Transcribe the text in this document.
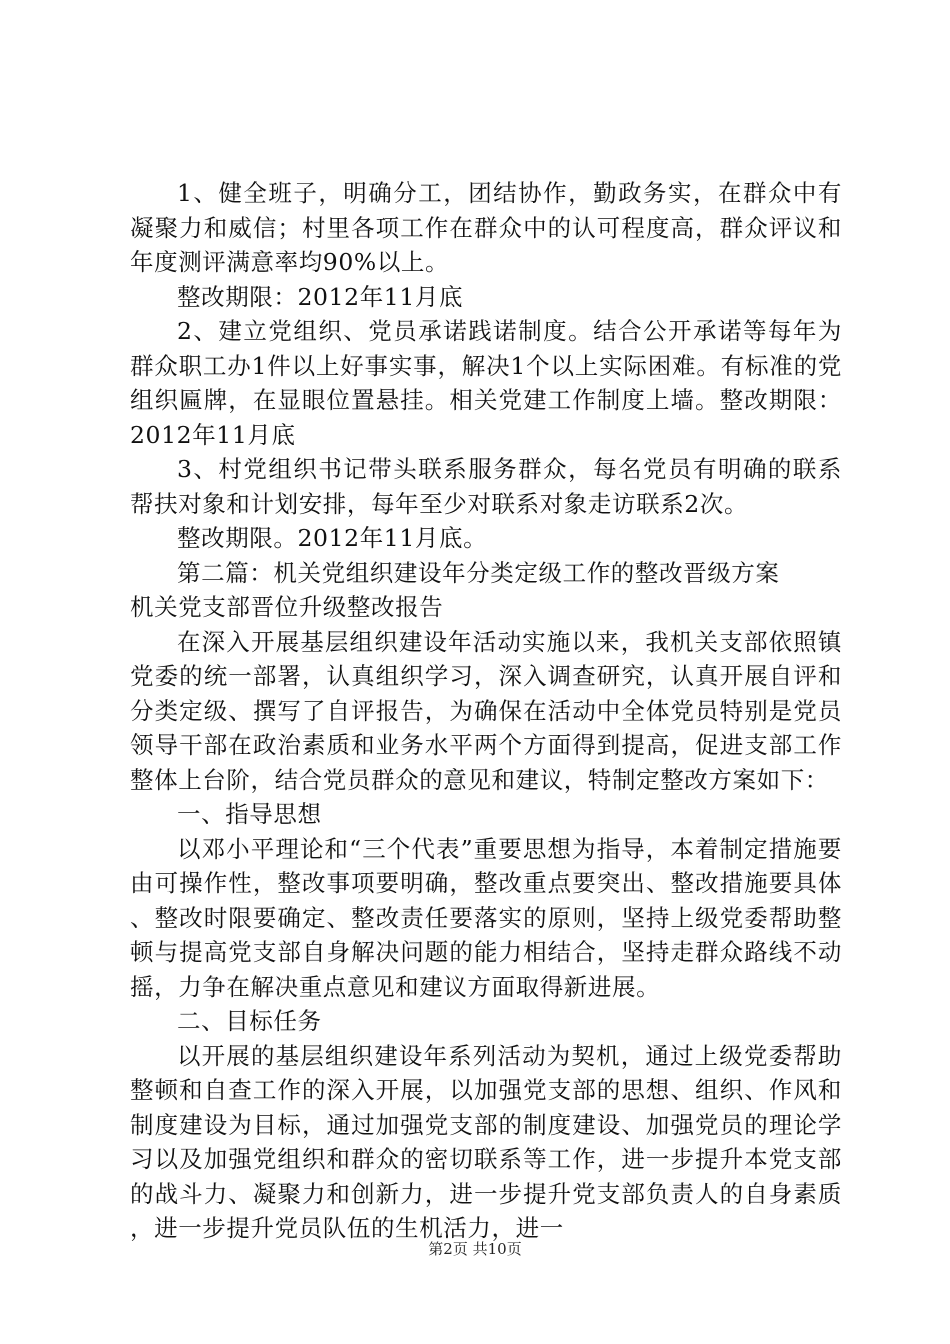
1、健全班子，明确分工，团结协作，勤政务实，在群众中有凝聚力和威信；村里各项工作在群众中的认可程度高，群众评议和年度测评满意率均90%以上。

整改期限：2012年11月底

2、建立党组织、党员承诺践诺制度。结合公开承诺等每年为群众职工办1件以上好事实事，解决1个以上实际困难。有标准的党组织匾牌，在显眼位置悬挂。相关党建工作制度上墙。整改期限：2012年11月底

3、村党组织书记带头联系服务群众，每名党员有明确的联系帮扶对象和计划安排，每年至少对联系对象走访联系2次。

整改期限。2012年11月底。

第二篇：机关党组织建设年分类定级工作的整改晋级方案

机关党支部晋位升级整改报告

在深入开展基层组织建设年活动实施以来，我机关支部依照镇党委的统一部署，认真组织学习，深入调查研究，认真开展自评和分类定级、撰写了自评报告，为确保在活动中全体党员特别是党员领导干部在政治素质和业务水平两个方面得到提高，促进支部工作整体上台阶，结合党员群众的意见和建议，特制定整改方案如下：

一、指导思想

以邓小平理论和“三个代表”重要思想为指导，本着制定措施要由可操作性，整改事项要明确，整改重点要突出、整改措施要具体、整改时限要确定、整改责任要落实的原则，坚持上级党委帮助整顿与提高党支部自身解决问题的能力相结合，坚持走群众路线不动摇，力争在解决重点意见和建议方面取得新进展。

二、目标任务

以开展的基层组织建设年系列活动为契机，通过上级党委帮助整顿和自查工作的深入开展，以加强党支部的思想、组织、作风和制度建设为目标，通过加强党支部的制度建设、加强党员的理论学习以及加强党组织和群众的密切联系等工作，进一步提升本党支部的战斗力、凝聚力和创新力，进一步提升党支部负责人的自身素质，进一步提升党员队伍的生机活力，进一

第2页 共10页
